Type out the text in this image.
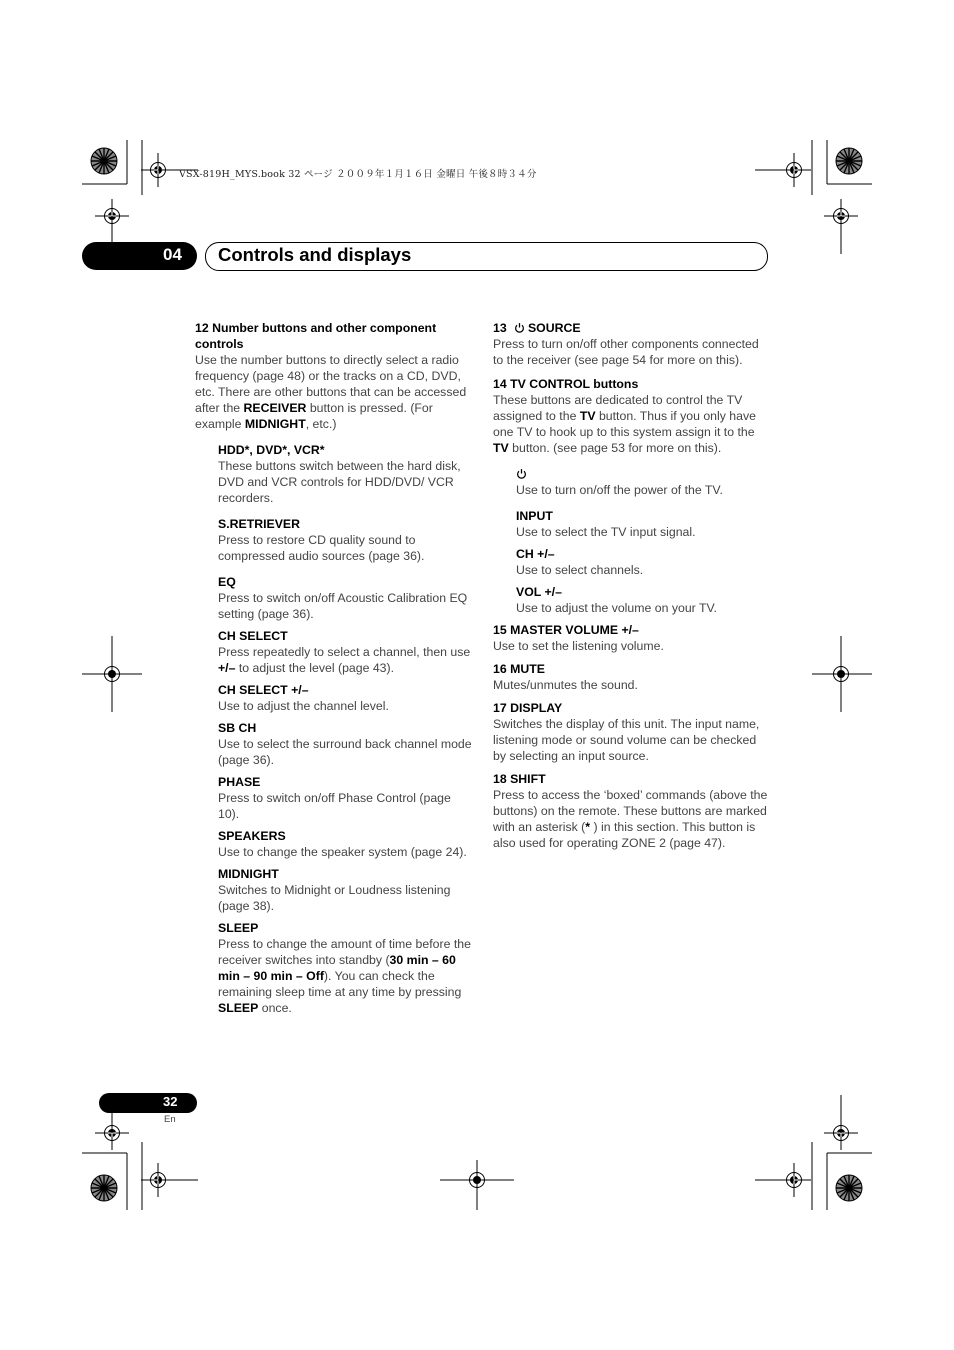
VSX-819H_MYS.book 32 ページ ２００９年１月１６日 金曜日 午後８時３４分
04 Controls and displays

12 Number buttons and other component controls

Use the number buttons to directly select a radio frequency (page 48) or the tracks on a CD, DVD, etc. There are other buttons that can be accessed after the RECEIVER button is pressed. (For example MIDNIGHT, etc.)

HDD*, DVD*, VCR*

These buttons switch between the hard disk, DVD and VCR controls for HDD/DVD/ VCR recorders.

S.RETRIEVER

Press to restore CD quality sound to compressed audio sources (page 36).

EQ

Press to switch on/off Acoustic Calibration EQ setting (page 36).

CH SELECT

Press repeatedly to select a channel, then use +/– to adjust the level (page 43).

CH SELECT +/–

Use to adjust the channel level.

SB CH

Use to select the surround back channel mode (page 36).

PHASE

Press to switch on/off Phase Control (page 10).

SPEAKERS

Use to change the speaker system (page 24).

MIDNIGHT

Switches to Midnight or Loudness listening (page 38).

SLEEP

Press to change the amount of time before the receiver switches into standby (30 min – 60 min – 90 min – Off). You can check the remaining sleep time at any time by pressing SLEEP once.

13 SOURCE

Press to turn on/off other components connected to the receiver (see page 54 for more on this).

14 TV CONTROL buttons

These buttons are dedicated to control the TV assigned to the TV button. Thus if you only have one TV to hook up to this system assign it to the TV button. (see page 53 for more on this).

Use to turn on/off the power of the TV.

INPUT

Use to select the TV input signal.

CH +/–

Use to select channels.

VOL +/–

Use to adjust the volume on your TV.

15 MASTER VOLUME +/–

Use to set the listening volume.

16 MUTE

Mutes/unmutes the sound.

17 DISPLAY

Switches the display of this unit. The input name, listening mode or sound volume can be checked by selecting an input source.

18 SHIFT

Press to access the ‘boxed’ commands (above the buttons) on the remote. These buttons are marked with an asterisk (* ) in this section. This button is also used for operating ZONE 2 (page 47).

32
En
